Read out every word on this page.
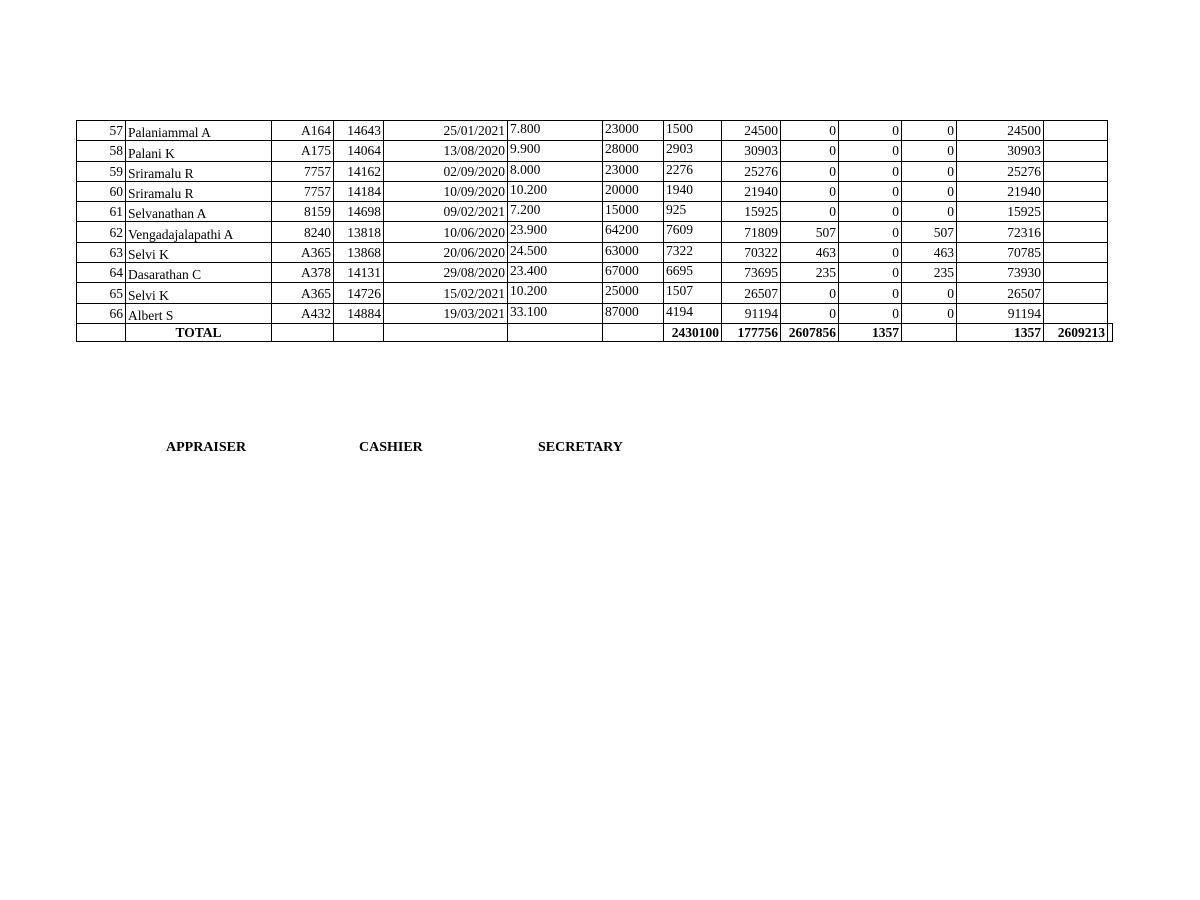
57	Palaniammal A	A164	14643	25/01/2021	7.800	23000	1500	24500	0	0	0	24500		
58	Palani K	A175	14064	13/08/2020	9.900	28000	2903	30903	0	0	0	30903		
59	Sriramalu R	7757	14162	02/09/2020	8.000	23000	2276	25276	0	0	0	25276		
60	Sriramalu R	7757	14184	10/09/2020	10.200	20000	1940	21940	0	0	0	21940		
61	Selvanathan A	8159	14698	09/02/2021	7.200	15000	925	15925	0	0	0	15925		
62	Vengadajalapathi A	8240	13818	10/06/2020	23.900	64200	7609	71809	507	0	507	72316		
63	Selvi K	A365	13868	20/06/2020	24.500	63000	7322	70322	463	0	463	70785		
64	Dasarathan C	A378	14131	29/08/2020	23.400	67000	6695	73695	235	0	235	73930		
65	Selvi K	A365	14726	15/02/2021	10.200	25000	1507	26507	0	0	0	26507		
66	Albert S	A432	14884	19/03/2021	33.100	87000	4194	91194	0	0	0	91194		
	TOTAL						2430100	177756	2607856	1357		1357	2609213	
APPRAISER	CASHIER	SECRETARY
